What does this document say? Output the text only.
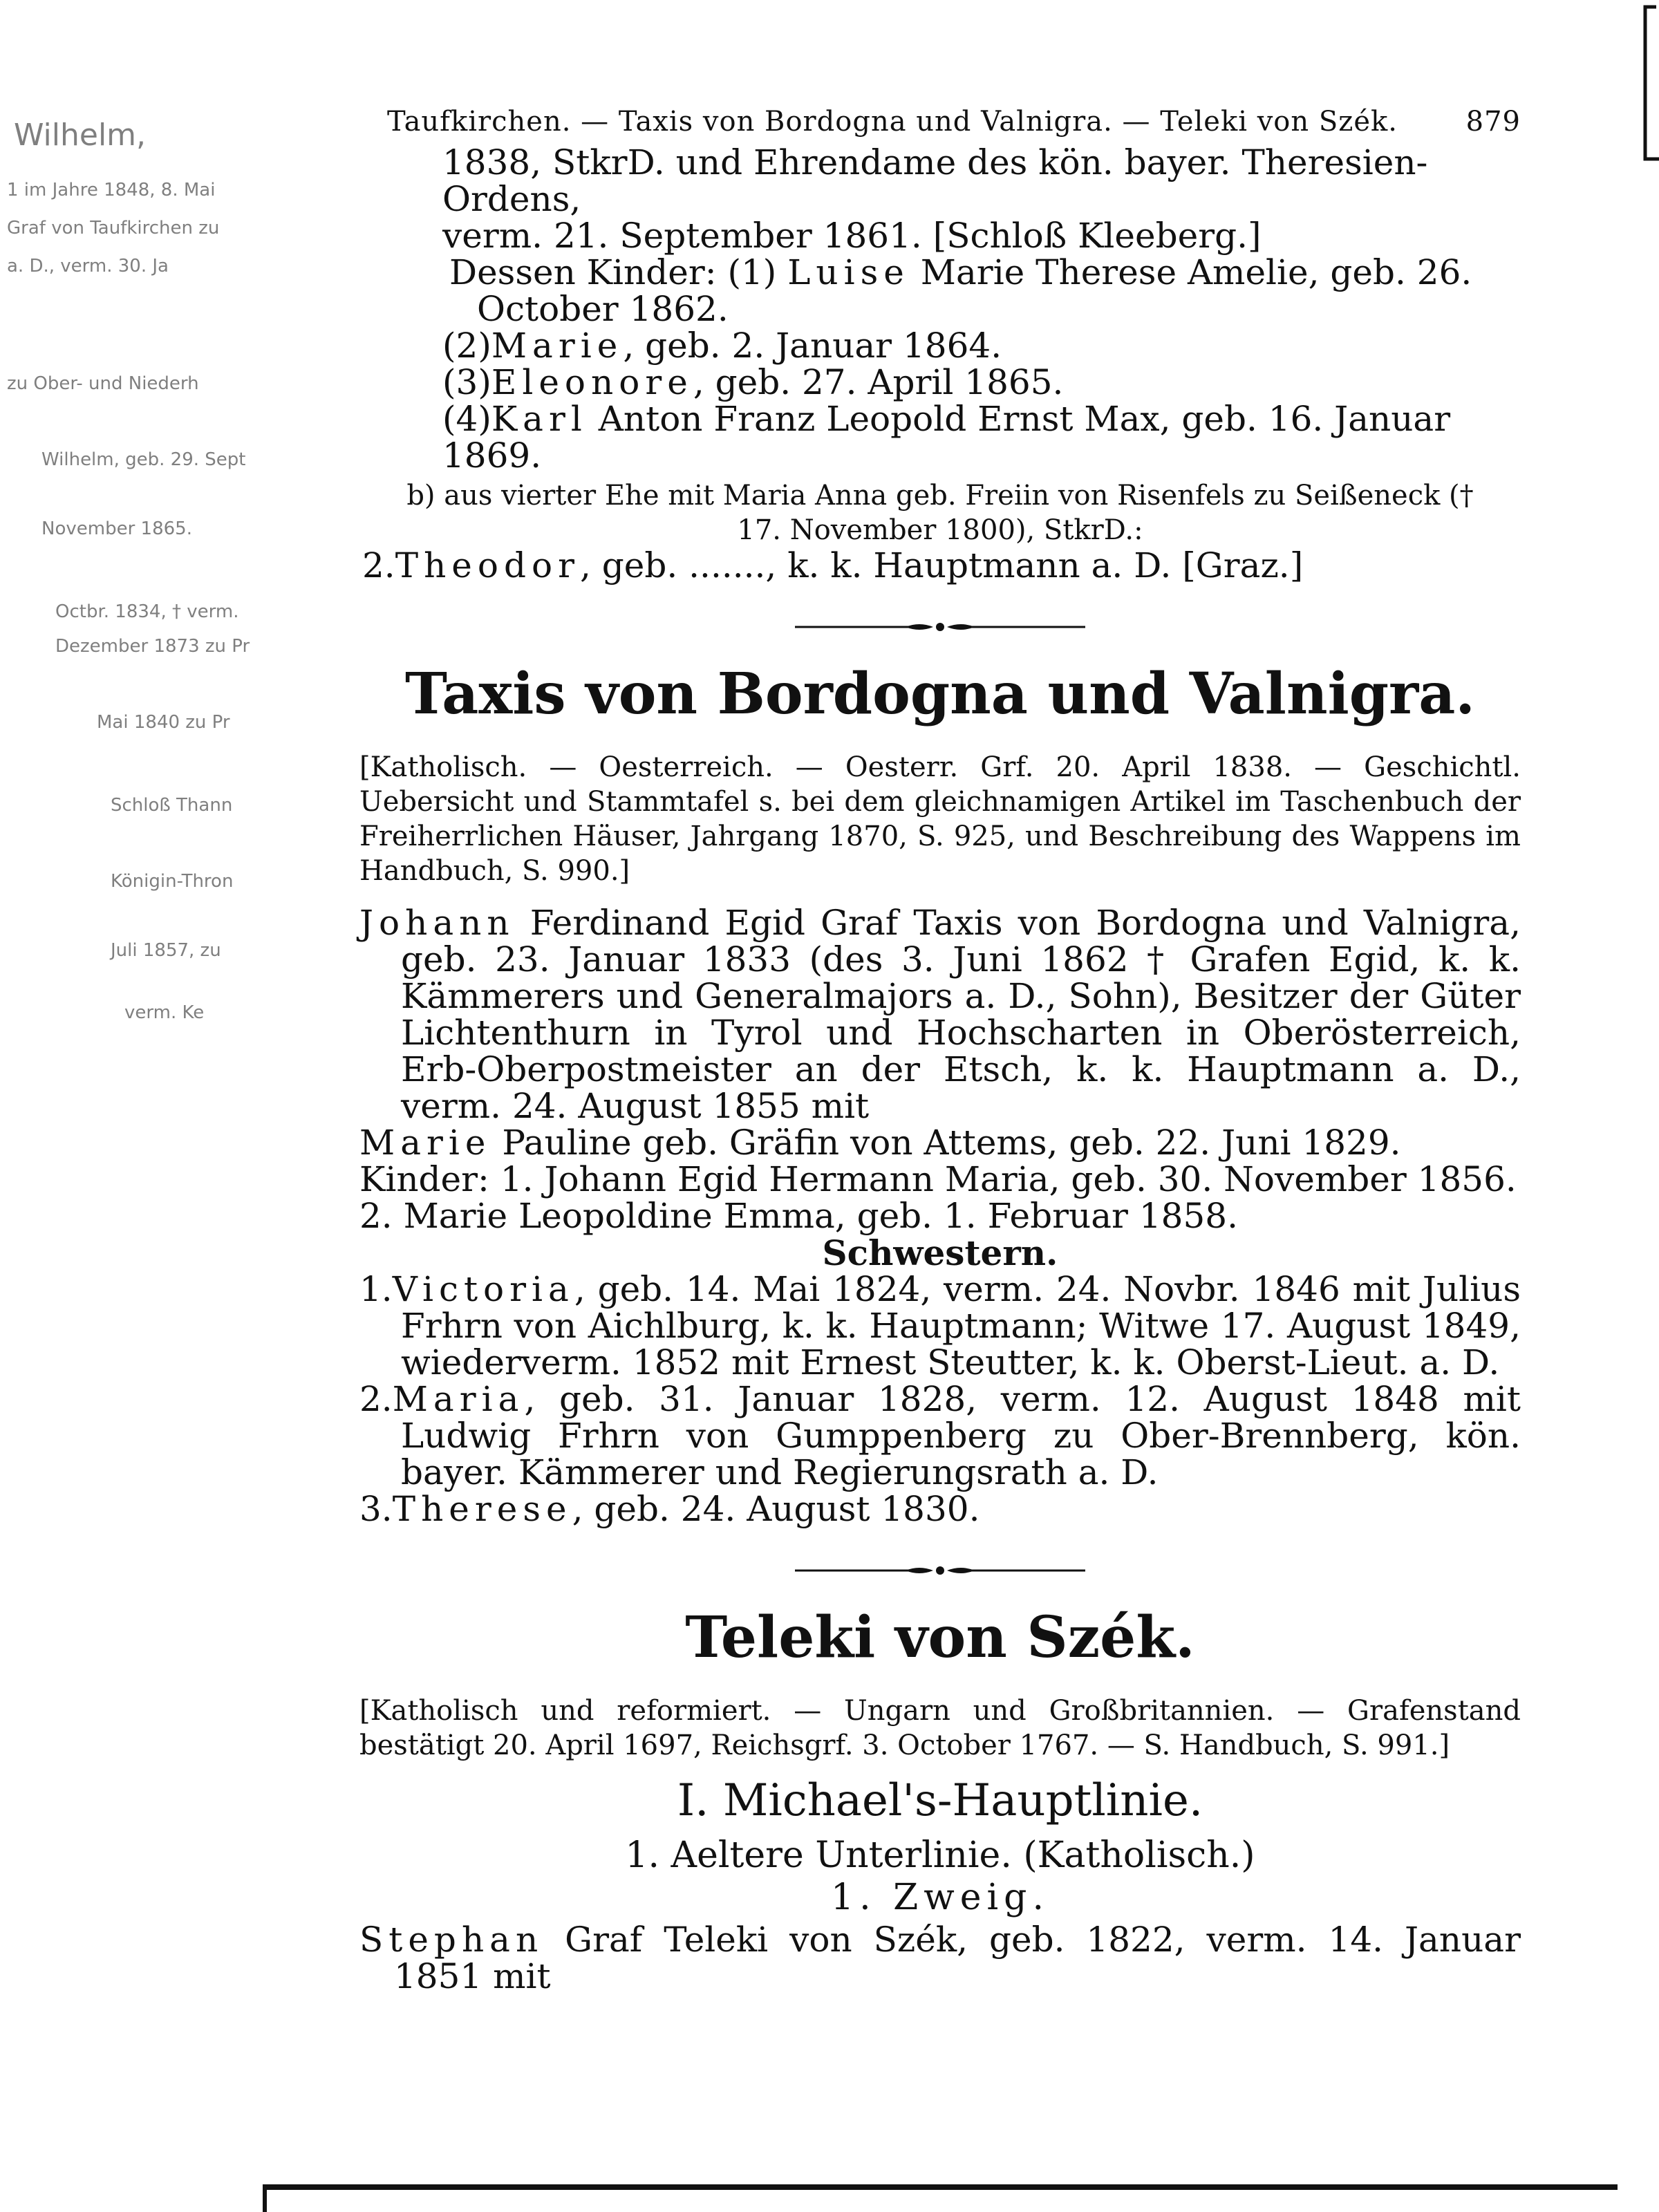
Wilhelm,
1 im Jahre 1848, 8. Mai
Graf von Taufkirchen zu
a. D., verm. 30. Ja
zu Ober- und Niederh
Wilhelm, geb. 29. Sept
November 1865.
Octbr. 1834, † verm.
Dezember 1873 zu Pr
Mai 1840 zu Pr
Schloß Thann
Königin-Thron
Juli 1857, zu
verm. Ke
Taufkirchen. — Taxis von Bordogna und Valnigra. — Teleki von Szék. 879
1838, StkrD. und Ehrendame des kön. bayer. Theresien-Ordens,
verm. 21. September 1861. [Schloß Kleeberg.]
Dessen Kinder: (1) Luise Marie Therese Amelie, geb. 26. October 1862.
(2)Marie, geb. 2. Januar 1864.
(3)Eleonore, geb. 27. April 1865.
(4)Karl Anton Franz Leopold Ernst Max, geb. 16. Januar 1869.
b) aus vierter Ehe mit Maria Anna geb. Freiin von Risenfels zu Seißeneck († 17. November 1800), StkrD.:
2.Theodor, geb. ......., k. k. Hauptmann a. D. [Graz.]
Taxis von Bordogna und Valnigra.
[Katholisch. — Oesterreich. — Oesterr. Grf. 20. April 1838. — Geschichtl. Uebersicht und Stammtafel s. bei dem gleichnamigen Artikel im Taschenbuch der Freiherrlichen Häuser, Jahrgang 1870, S. 925, und Beschreibung des Wappens im Handbuch, S. 990.]
Johann Ferdinand Egid Graf Taxis von Bordogna und Valnigra, geb. 23. Januar 1833 (des 3. Juni 1862 † Grafen Egid, k. k. Kämmerers und Generalmajors a. D., Sohn), Besitzer der Güter Lichtenthurn in Tyrol und Hochscharten in Oberösterreich, Erb-Oberpostmeister an der Etsch, k. k. Hauptmann a. D., verm. 24. August 1855 mit
Marie Pauline geb. Gräfin von Attems, geb. 22. Juni 1829.
Kinder: 1. Johann Egid Hermann Maria, geb. 30. November 1856.
2. Marie Leopoldine Emma, geb. 1. Februar 1858.
Schwestern.
1.Victoria, geb. 14. Mai 1824, verm. 24. Novbr. 1846 mit Julius Frhrn von Aichlburg, k. k. Hauptmann; Witwe 17. August 1849, wiederverm. 1852 mit Ernest Steutter, k. k. Oberst-Lieut. a. D.
2.Maria, geb. 31. Januar 1828, verm. 12. August 1848 mit Ludwig Frhrn von Gumppenberg zu Ober-Brennberg, kön. bayer. Kämmerer und Regierungsrath a. D.
3.Therese, geb. 24. August 1830.
Teleki von Szék.
[Katholisch und reformiert. — Ungarn und Großbritannien. — Grafenstand bestätigt 20. April 1697, Reichsgrf. 3. October 1767. — S. Handbuch, S. 991.]
I. Michael's-Hauptlinie.
1. Aeltere Unterlinie. (Katholisch.)
1. Zweig.
Stephan Graf Teleki von Szék, geb. 1822, verm. 14. Januar 1851 mit
